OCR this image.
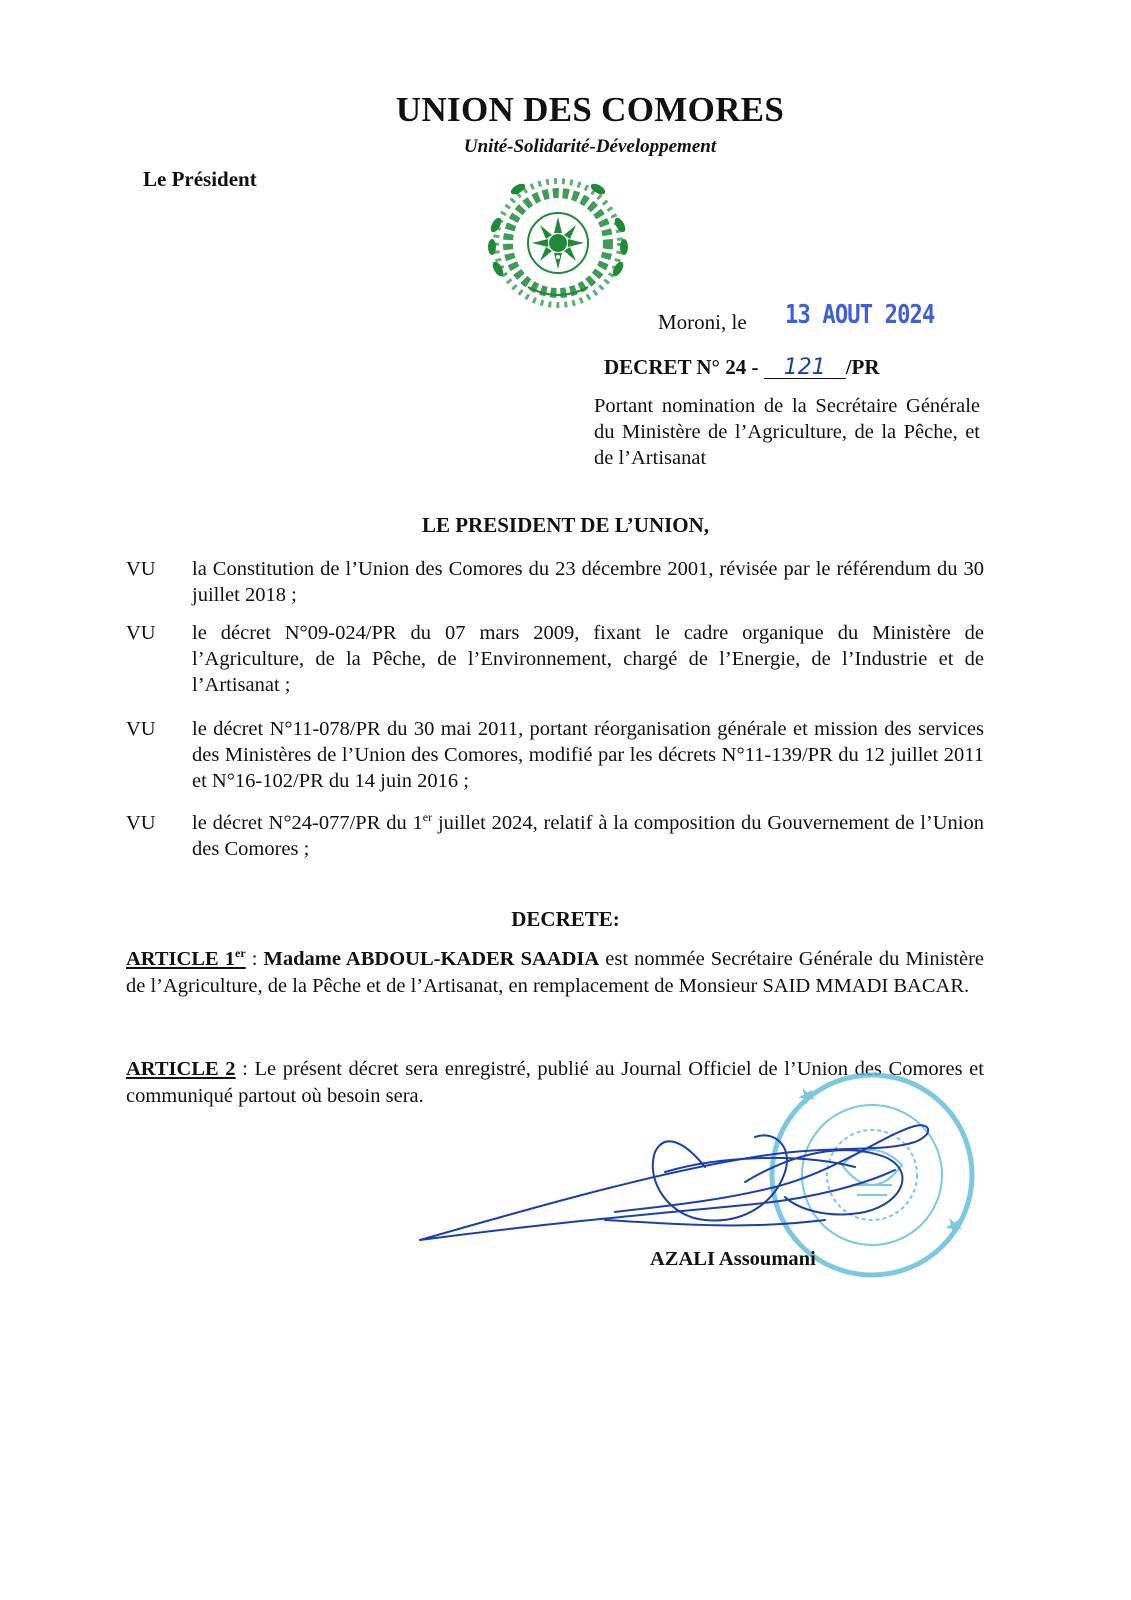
UNION DES COMORES
Unité-Solidarité-Développement
Le Président
Moroni, le 13 AOUT 2024
DECRET N° 24 - 121 /PR
Portant nomination de la Secrétaire Générale du Ministère de l’Agriculture, de la Pêche, et de l’Artisanat
LE PRESIDENT DE L’UNION,
VU la Constitution de l’Union des Comores du 23 décembre 2001, révisée par le référendum du 30 juillet 2018 ;
VU le décret N°09-024/PR du 07 mars 2009, fixant le cadre organique du Ministère de l’Agriculture, de la Pêche, de l’Environnement, chargé de l’Energie, de l’Industrie et de l’Artisanat ;
VU le décret N°11-078/PR du 30 mai 2011, portant réorganisation générale et mission des services des Ministères de l’Union des Comores, modifié par les décrets N°11-139/PR du 12 juillet 2011 et N°16-102/PR du 14 juin 2016 ;
VU le décret N°24-077/PR du 1er juillet 2024, relatif à la composition du Gouvernement de l’Union des Comores ;
DECRETE:
ARTICLE 1er : Madame ABDOUL-KADER SAADIA est nommée Secrétaire Générale du Ministère de l’Agriculture, de la Pêche et de l’Artisanat, en remplacement de Monsieur SAID MMADI BACAR.
ARTICLE 2 : Le présent décret sera enregistré, publié au Journal Officiel de l’Union des Comores et communiqué partout où besoin sera.	★
★
AZALI Assoumani
